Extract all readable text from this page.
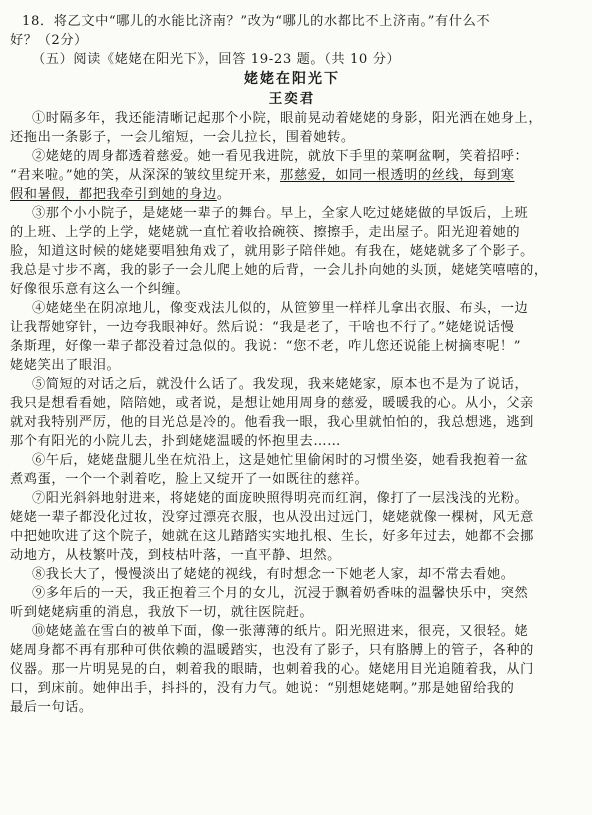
18．将乙文中“哪儿的水能比济南？”改为“哪儿的水都比不上济南。”有什么不
好？（2分）
（五）阅读《姥姥在阳光下》，回答 19-23 题。（共 10 分）
姥姥在阳光下
王奕君
①时隔多年，我还能清晰记起那个小院，眼前晃动着姥姥的身影，阳光洒在她身上，
还拖出一条影子，一会儿缩短，一会儿拉长，围着她转。
②姥姥的周身都透着慈爱。她一看见我进院，就放下手里的菜啊盆啊，笑着招呼：
“君来啦。”她的笑，从深深的皱纹里绽开来，那慈爱，如同一根透明的丝线，每到寒
假和暑假，都把我牵引到她的身边。
③那个小小院子，是姥姥一辈子的舞台。早上，全家人吃过姥姥做的早饭后，上班
的上班、上学的上学，姥姥就一直忙着收拾碗筷、擦擦手，走出屋子。阳光迎着她的
脸，知道这时候的姥姥要唱独角戏了，就用影子陪伴她。有我在，姥姥就多了个影子。
我总是寸步不离，我的影子一会儿爬上她的后背，一会儿扑向她的头顶，姥姥笑嘻嘻的，
好像很乐意有这么一个纠缠。
④姥姥坐在阴凉地儿，像变戏法儿似的，从笸箩里一样样儿拿出衣服、布头，一边
让我帮她穿针，一边夸我眼神好。然后说：“我是老了，干啥也不行了。”姥姥说话慢
条斯理，好像一辈子都没着过急似的。我说：“您不老，咋儿您还说能上树摘枣呢！”
姥姥笑出了眼泪。
⑤简短的对话之后，就没什么话了。我发现，我来姥姥家，原本也不是为了说话，
我只是想看看她，陪陪她，或者说，是想让她用周身的慈爱，暖暖我的心。从小，父亲
就对我特别严厉，他的目光总是冷的。他看我一眼，我心里就怕怕的，我总想逃，逃到
那个有阳光的小院儿去，扑到姥姥温暖的怀抱里去……
⑥午后，姥姥盘腿儿坐在炕沿上，这是她忙里偷闲时的习惯坐姿，她看我抱着一盆
煮鸡蛋，一个一个剥着吃，脸上又绽开了一如既往的慈祥。
⑦阳光斜斜地射进来，将姥姥的面庞映照得明亮而红润，像打了一层浅浅的光粉。
姥姥一辈子都没化过妆，没穿过漂亮衣服，也从没出过远门，姥姥就像一棵树，风无意
中把她吹进了这个院子，她就在这儿踏踏实实地扎根、生长，好多年过去，她都不会挪
动地方，从枝繁叶茂，到枝枯叶落，一直平静、坦然。
⑧我长大了，慢慢淡出了姥姥的视线，有时想念一下她老人家，却不常去看她。
⑨多年后的一天，我正抱着三个月的女儿，沉浸于飘着奶香味的温馨快乐中，突然
听到姥姥病重的消息，我放下一切，就往医院赶。
⑩姥姥盖在雪白的被单下面，像一张薄薄的纸片。阳光照进来，很亮，又很轻。姥
姥周身都不再有那种可供依赖的温暖踏实，也没有了影子，只有胳膊上的管子，各种的
仪器。那一片明晃晃的白，刺着我的眼睛，也刺着我的心。姥姥用目光追随着我，从门
口，到床前。她伸出手，抖抖的，没有力气。她说：“别想姥姥啊。”那是她留给我的
最后一句话。
